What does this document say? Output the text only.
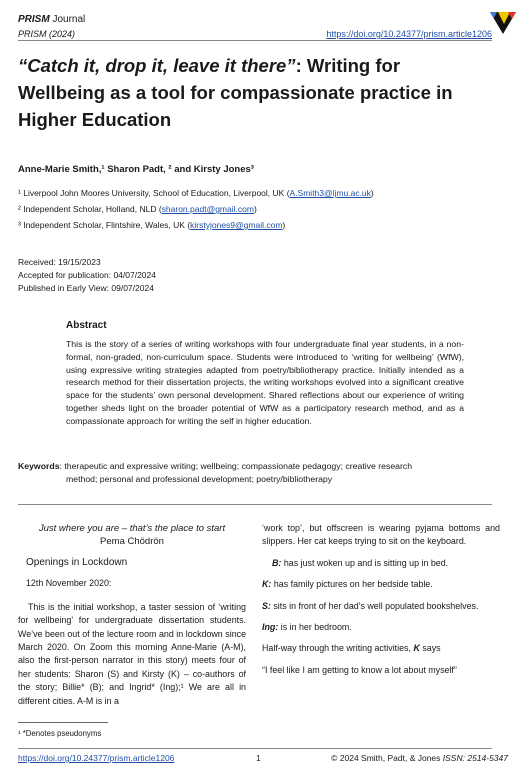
PRISM Journal
PRISM (2024)	https://doi.org/10.24377/prism.article1206
“Catch it, drop it, leave it there”: Writing for Wellbeing as a tool for compassionate practice in Higher Education
Anne-Marie Smith,¹ Sharon Padt, ² and Kirsty Jones³
¹ Liverpool John Moores University, School of Education, Liverpool, UK (A.Smith3@ljmu.ac.uk)
² Independent Scholar, Holland, NLD (sharon.padt@gmail.com)
³ Independent Scholar, Flintshire, Wales, UK (kirstyjones9@gmail.com)
Received: 19/15/2023
Accepted for publication: 04/07/2024
Published in Early View: 09/07/2024
Abstract
This is the story of a series of writing workshops with four undergraduate final year students, in a non-formal, non-graded, non-curriculum space. Students were introduced to ‘writing for wellbeing’ (WfW), using expressive writing strategies adapted from poetry/bibliotherapy practice. Initially intended as a research method for their dissertation projects, the writing workshops evolved into a significant creative space for the students’ own personal development. Shared reflections about our experience of writing together sheds light on the broader potential of WfW as a participatory research method, and as a compassionate approach for writing the self in higher education.
Keywords: therapeutic and expressive writing; wellbeing; compassionate pedagogy; creative research
method; personal and professional development; poetry/bibliotherapy

Just where you are – that’s the place to start

Pema Chödrön

Openings in Lockdown

12th November 2020:

This is the initial workshop, a taster session of ‘writing for wellbeing’ for undergraduate dissertation students. We’ve been out of the lecture room and in lockdown since March 2020. On Zoom this morning Anne-Marie (A-M), also the first-person narrator in this story) meets four of her students: Sharon (S) and Kirsty (K) – co-authors of the story; Billie* (B); and Ingrid* (Ing);¹ We are all in different cities. A-M is in a

‘work top’, but offscreen is wearing pyjama bottoms and slippers. Her cat keeps trying to sit on the keyboard.

B: has just woken up and is sitting up in bed.

K: has family pictures on her bedside table.

S: sits in front of her dad’s well populated bookshelves.

Ing: is in her bedroom.

Half-way through the writing activities, K says

“I feel like I am getting to know a lot about myself”

¹ *Denotes pseudonyms
https://doi.org/10.24377/prism.article1206	1	© 2024 Smith, Padt, & Jones ISSN: 2514-5347
